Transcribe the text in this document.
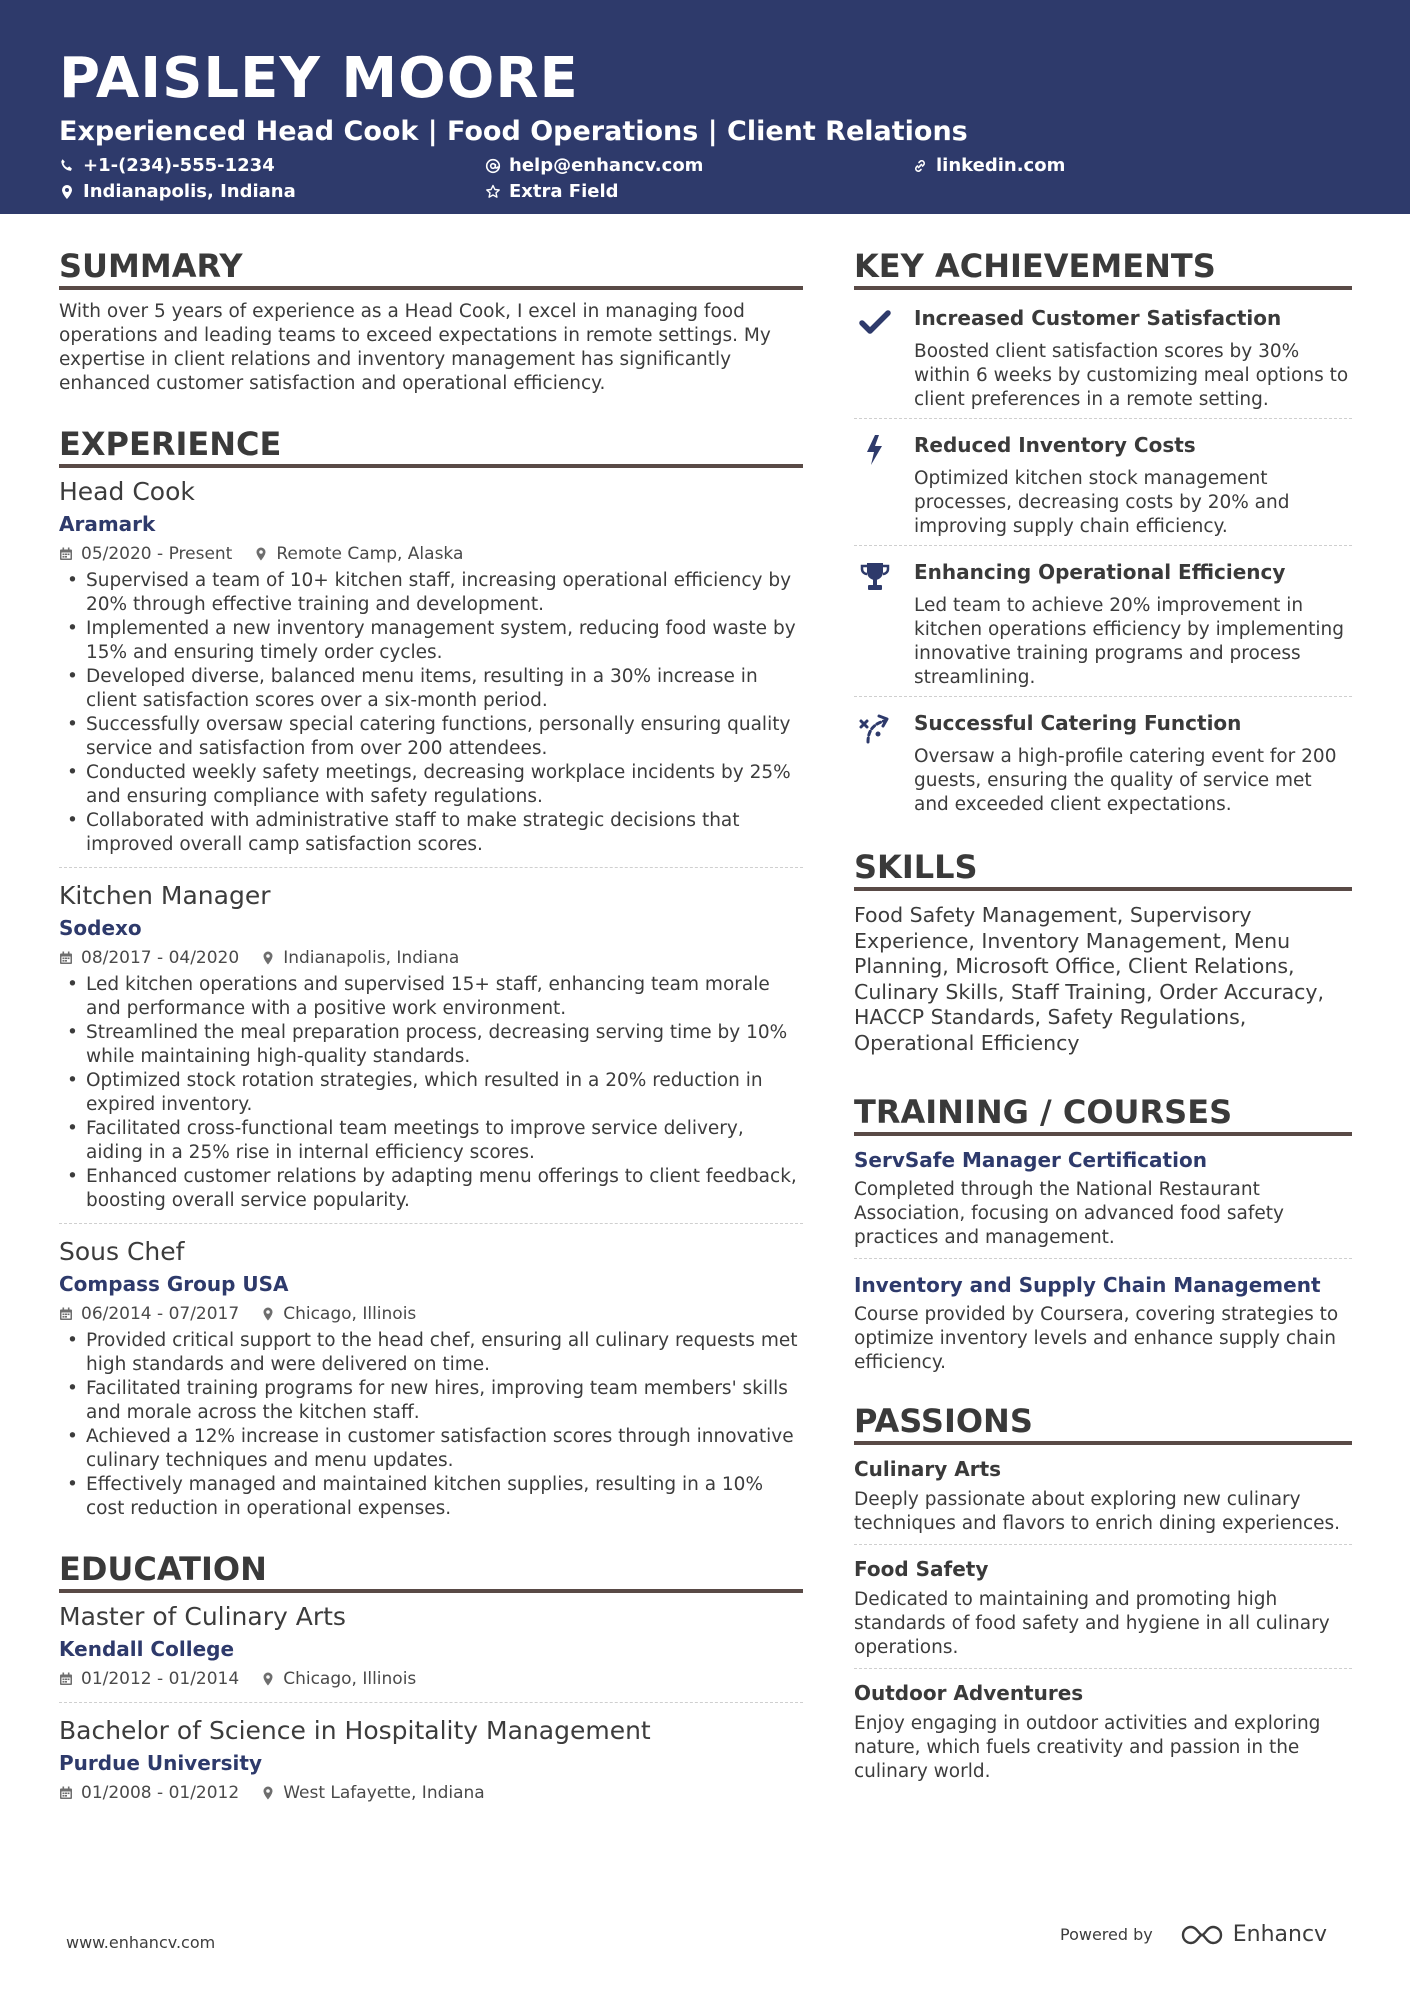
PAISLEY MOORE
Experienced Head Cook | Food Operations | Client Relations
+1-(234)-555-1234	help@enhancv.com	linkedin.com
Indianapolis, Indiana	Extra Field
SUMMARY
With over 5 years of experience as a Head Cook, I excel in managing food operations and leading teams to exceed expectations in remote settings. My expertise in client relations and inventory management has significantly enhanced customer satisfaction and operational efficiency.
EXPERIENCE
Head Cook
Aramark
05/2020 - Present	Remote Camp, Alaska
• Supervised a team of 10+ kitchen staff, increasing operational efficiency by 20% through effective training and development.
• Implemented a new inventory management system, reducing food waste by 15% and ensuring timely order cycles.
• Developed diverse, balanced menu items, resulting in a 30% increase in client satisfaction scores over a six-month period.
• Successfully oversaw special catering functions, personally ensuring quality service and satisfaction from over 200 attendees.
• Conducted weekly safety meetings, decreasing workplace incidents by 25% and ensuring compliance with safety regulations.
• Collaborated with administrative staff to make strategic decisions that improved overall camp satisfaction scores.
Kitchen Manager
Sodexo
08/2017 - 04/2020	Indianapolis, Indiana
• Led kitchen operations and supervised 15+ staff, enhancing team morale and performance with a positive work environment.
• Streamlined the meal preparation process, decreasing serving time by 10% while maintaining high-quality standards.
• Optimized stock rotation strategies, which resulted in a 20% reduction in expired inventory.
• Facilitated cross-functional team meetings to improve service delivery, aiding in a 25% rise in internal efficiency scores.
• Enhanced customer relations by adapting menu offerings to client feedback, boosting overall service popularity.
Sous Chef
Compass Group USA
06/2014 - 07/2017	Chicago, Illinois
• Provided critical support to the head chef, ensuring all culinary requests met high standards and were delivered on time.
• Facilitated training programs for new hires, improving team members' skills and morale across the kitchen staff.
• Achieved a 12% increase in customer satisfaction scores through innovative culinary techniques and menu updates.
• Effectively managed and maintained kitchen supplies, resulting in a 10% cost reduction in operational expenses.
EDUCATION
Master of Culinary Arts
Kendall College
01/2012 - 01/2014	Chicago, Illinois
Bachelor of Science in Hospitality Management
Purdue University
01/2008 - 01/2012	West Lafayette, Indiana
KEY ACHIEVEMENTS
Increased Customer Satisfaction
Boosted client satisfaction scores by 30% within 6 weeks by customizing meal options to client preferences in a remote setting.
Reduced Inventory Costs
Optimized kitchen stock management processes, decreasing costs by 20% and improving supply chain efficiency.
Enhancing Operational Efficiency
Led team to achieve 20% improvement in kitchen operations efficiency by implementing innovative training programs and process streamlining.
Successful Catering Function
Oversaw a high-profile catering event for 200 guests, ensuring the quality of service met and exceeded client expectations.
SKILLS
Food Safety Management, Supervisory Experience, Inventory Management, Menu Planning, Microsoft Office, Client Relations, Culinary Skills, Staff Training, Order Accuracy, HACCP Standards, Safety Regulations, Operational Efficiency
TRAINING / COURSES
ServSafe Manager Certification
Completed through the National Restaurant Association, focusing on advanced food safety practices and management.
Inventory and Supply Chain Management
Course provided by Coursera, covering strategies to optimize inventory levels and enhance supply chain efficiency.
PASSIONS
Culinary Arts
Deeply passionate about exploring new culinary techniques and flavors to enrich dining experiences.
Food Safety
Dedicated to maintaining and promoting high standards of food safety and hygiene in all culinary operations.
Outdoor Adventures
Enjoy engaging in outdoor activities and exploring nature, which fuels creativity and passion in the culinary world.
www.enhancv.com	Powered by	Enhancv
